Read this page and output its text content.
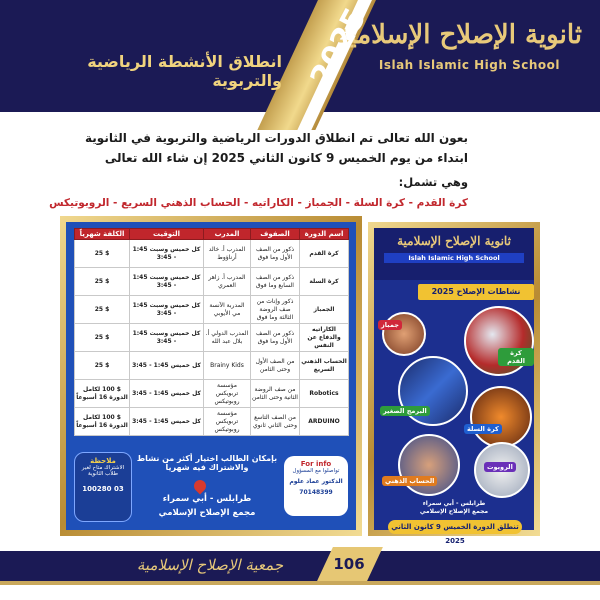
ثانوية الإصلاح الإسلامية
Islah Islamic High School
2025
انطلاق الأنشطة الرياضية والتربوية
بعون الله تعالى تم انطلاق الدورات الرياضية والتربوية في الثانوية ابتداء من يوم الخميس 9 كانون الثاني 2025 إن شاء الله تعالى
وهي تشمل:
كرة القدم - كرة السلة - الجمباز - الكاراتيه - الحساب الذهني السريع - الروبوتيكس
الكلفة شهرياً	التوقيت	المدرب	الصفوف	اسم الدورة
$ 25	كل خميس وسبت 1:45 - 3:45	المدرب أ. خالد أرناؤوط	ذكور من الصف الأول وما فوق	كرة القدم
$ 25	كل خميس وسبت 1:45 - 3:45	المدرب أ. زاهر العمري	ذكور من الصف السابع وما فوق	كرة السلة
$ 25	كل خميس وسبت 1:45 - 3:45	المدربة الآنسة مي الأيوبي	ذكور وإناث من صف الروضة الثالثة وما فوق	الجمباز
$ 25	كل خميس وسبت 1:45 - 3:45	المدرب الدولي أ. بلال عبد الله	ذكور من الصف الأول وما فوق	الكاراتيه والدفاع عن النفس
$ 25	كل خميس 1:45 - 3:45	Brainy Kids	من الصف الأول وحتى الثامن	الحساب الذهني السريع
$ 100 لكامل الدورة 16 أسبوعاً	كل خميس 1:45 - 3:45	مؤسسة تربويكس روبوتيكس	من صف الروضة الثانية وحتى الثامن	Robotics
$ 100 لكامل الدورة 16 أسبوعاً	كل خميس 1:45 - 3:45	مؤسسة تربويكس روبوتيكس	من الصف التاسع وحتى الثاني ثانوي	ARDUINO
ملاحظة
الاشتراك متاح لغير طلاب الثانوية
03 100280
بإمكان الطالب اختيار أكثر من نشاط والاشتراك فيه شهرياً
طرابلس - أبي سمراء
مجمع الإصلاح الإسلامي
For info
تواصلوا مع المسؤول
الدكتور عماد علوم
70148399
ثانوية الإصلاح الإسلامية
Islah Islamic High School
نشاطات الإصلاح 2025
جمباز
كرة القدم
البرمج الصغير
كرة السلة
الحساب الذهني
الروبوت
طرابلس - أبي سمراء
مجمع الإصلاح الإسلامي
تنطلق الدورة الخميس 9 كانون الثاني 2025
106
جمعية الإصلاح الإسلامية
